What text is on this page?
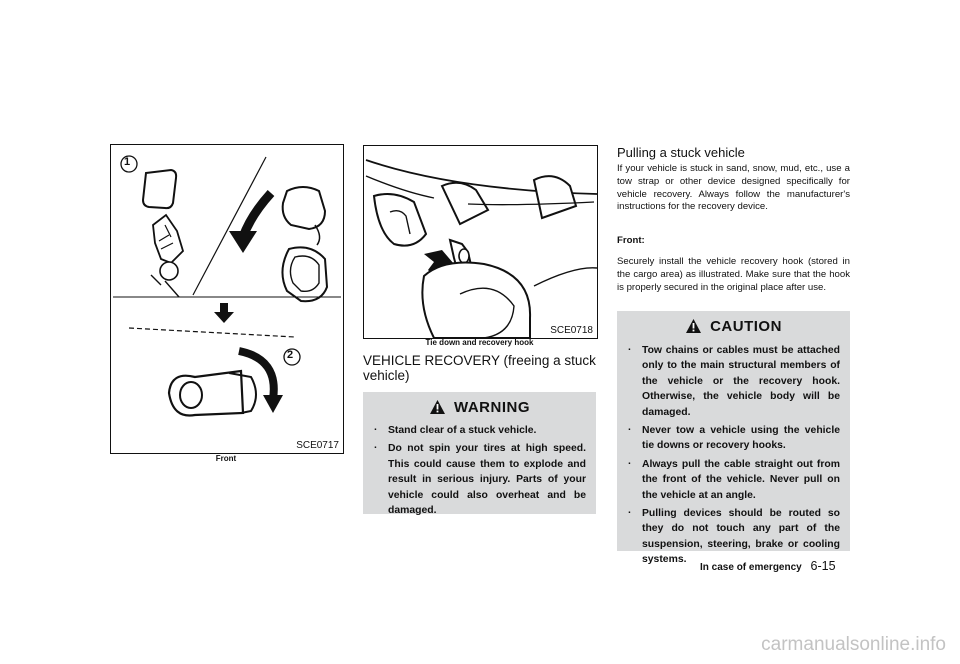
SCE0717
Front
SCE0718
Tie down and recovery hook
VEHICLE RECOVERY (freeing a stuck vehicle)
WARNING
. Stand clear of a stuck vehicle.
. Do not spin your tires at high speed. This could cause them to explode and result in serious injury. Parts of your vehicle could also overheat and be damaged.
Pulling a stuck vehicle
If your vehicle is stuck in sand, snow, mud, etc., use a tow strap or other device designed specifically for vehicle recovery. Always follow the manufacturer's instructions for the recovery device.
Front:
Securely install the vehicle recovery hook (stored in the cargo area) as illustrated. Make sure that the hook is properly secured in the original place after use.
CAUTION
. Tow chains or cables must be attached only to the main structural members of the vehicle or the recovery hook. Otherwise, the vehicle body will be damaged.
. Never tow a vehicle using the vehicle tie downs or recovery hooks.
. Always pull the cable straight out from the front of the vehicle. Never pull on the vehicle at an angle.
. Pulling devices should be routed so they do not touch any part of the suspension, steering, brake or cooling systems.
In case of emergency 6-15
carmanualsonline.info
1
2
